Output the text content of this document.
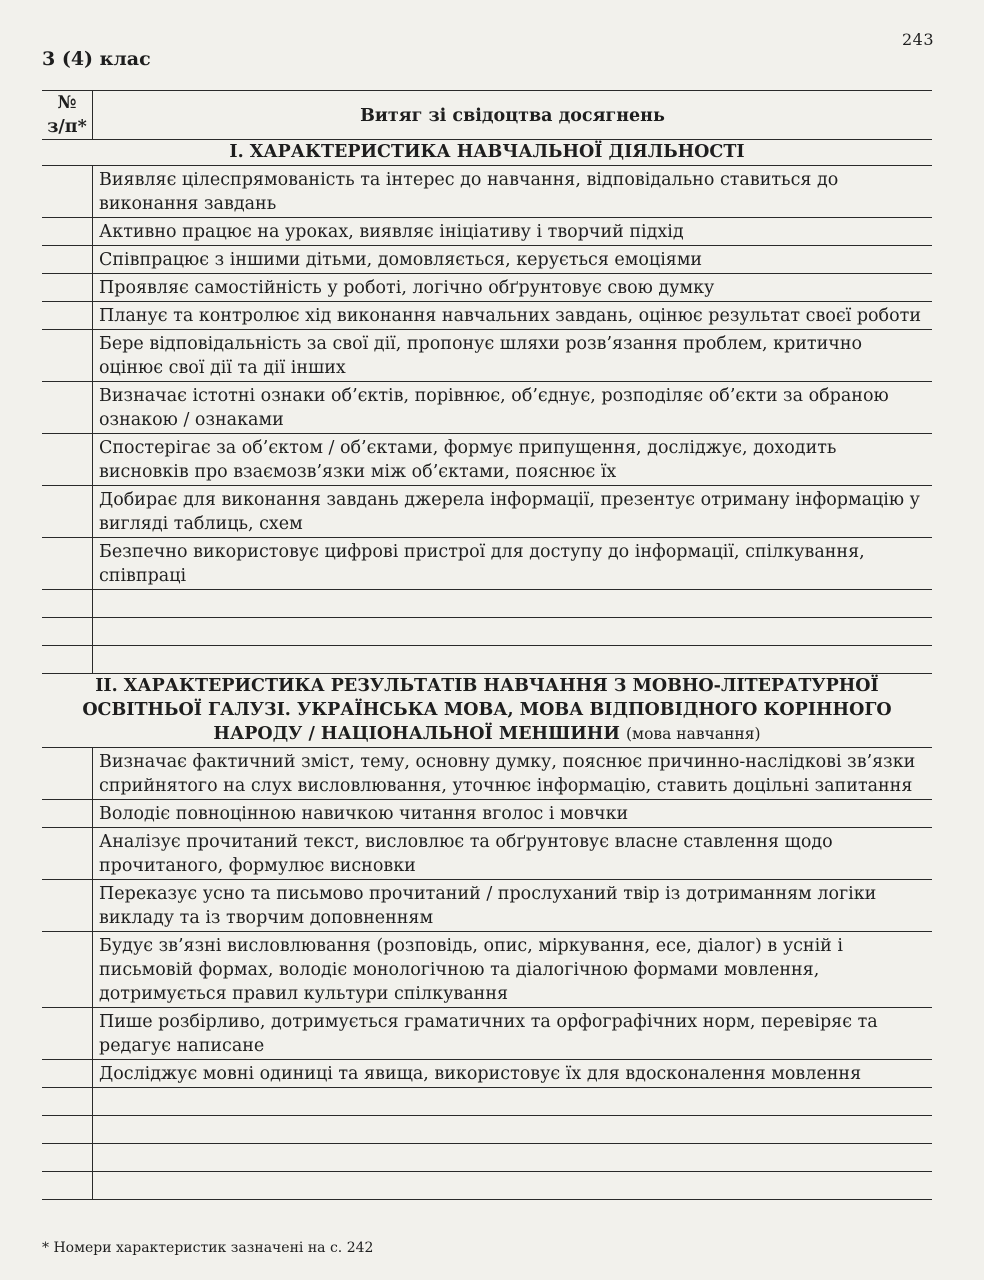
243
3 (4) клас
№
з/п*	Витяг зі свідоцтва досягнень
І. ХАРАКТЕРИСТИКА НАВЧАЛЬНОЇ ДІЯЛЬНОСТІ	
	Виявляє цілеспрямованість та інтерес до навчання, відповідально ставиться до виконання завдань
	Активно працює на уроках, виявляє ініціативу і творчий підхід
	Співпрацює з іншими дітьми, домовляється, керується емоціями
	Проявляє самостійність у роботі, логічно обґрунтовує свою думку
	Планує та контролює хід виконання навчальних завдань, оцінює результат своєї роботи
	Бере відповідальність за свої дії, пропонує шляхи розв’язання проблем, критично оцінює свої дії та дії інших
	Визначає істотні ознаки об’єктів, порівнює, об’єднує, розподіляє об’єкти за обраною ознакою / ознаками
	Спостерігає за об’єктом / об’єктами, формує припущення, досліджує, доходить висновків про взаємозв’язки між об’єктами, пояснює їх
	Добирає для виконання завдань джерела інформації, презентує отриману інформацію у вигляді таблиць, схем
	Безпечно використовує цифрові пристрої для доступу до інформації, спілкування, співпраці

ІІ. ХАРАКТЕРИСТИКА РЕЗУЛЬТАТІВ НАВЧАННЯ З МОВНО-ЛІТЕРАТУРНОЇ ОСВІТНЬОЇ ГАЛУЗІ. УКРАЇНСЬКА МОВА, МОВА ВІДПОВІДНОГО КОРІННОГО НАРОДУ / НАЦІОНАЛЬНОЇ МЕНШИНИ (мова навчання)	
	Визначає фактичний зміст, тему, основну думку, пояснює причинно-наслідкові зв’язки сприйнятого на слух висловлювання, уточнює інформацію, ставить доцільні запитання
	Володіє повноцінною навичкою читання вголос і мовчки
	Аналізує прочитаний текст, висловлює та обґрунтовує власне ставлення щодо прочитаного, формулює висновки
	Переказує усно та письмово прочитаний / прослуханий твір із дотриманням логіки викладу та із творчим доповненням
	Будує зв’язні висловлювання (розповідь, опис, міркування, есе, діалог) в усній і письмовій формах, володіє монологічною та діалогічною формами мовлення, дотримується правил культури спілкування
	Пише розбірливо, дотримується граматичних та орфографічних норм, перевіряє та редагує написане
	Досліджує мовні одиниці та явища, використовує їх для вдосконалення мовлення

* Номери характеристик зазначені на с. 242
